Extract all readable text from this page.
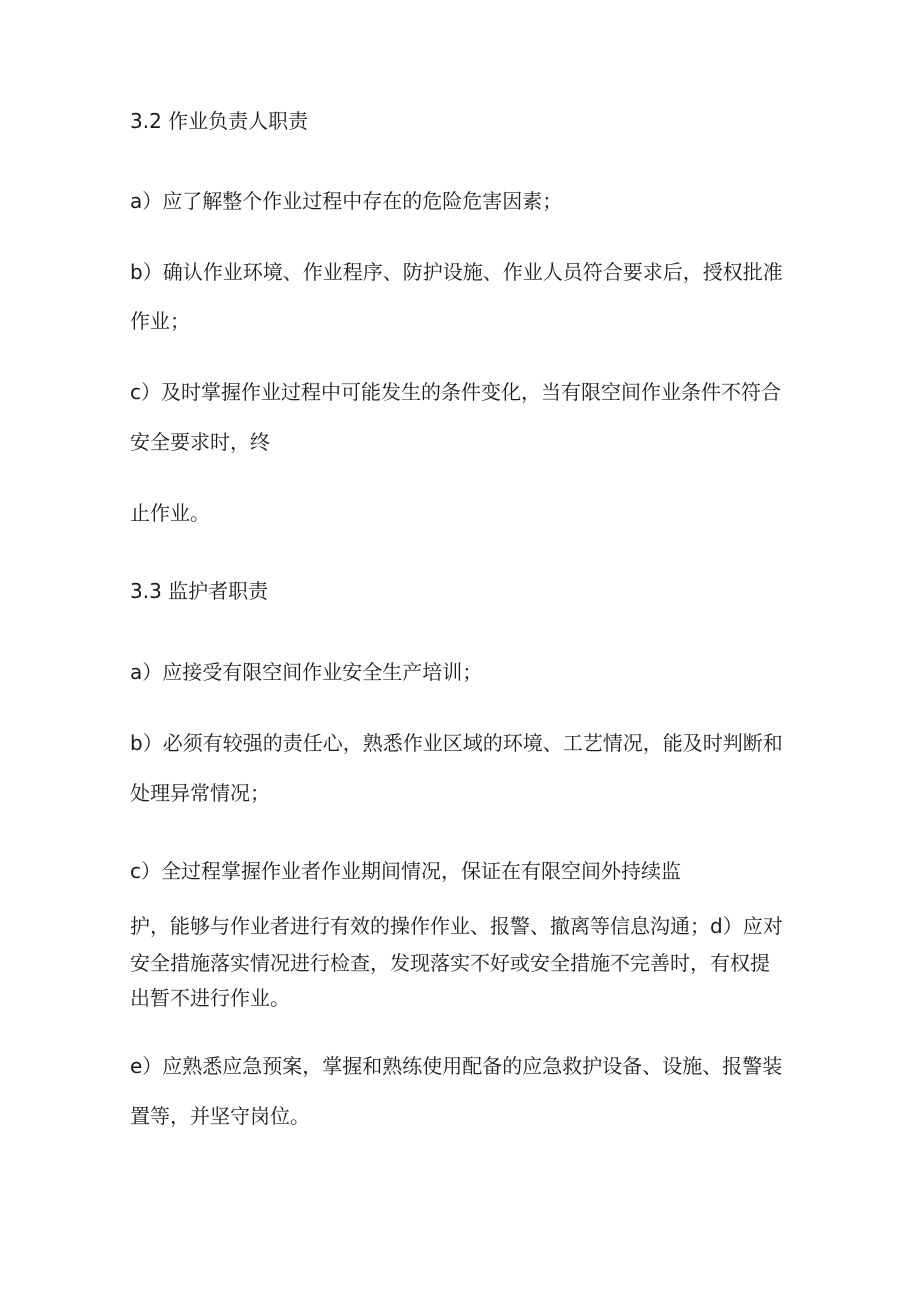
3.2 作业负责人职责
a）应了解整个作业过程中存在的危险危害因素；
b）确认作业环境、作业程序、防护设施、作业人员符合要求后，授权批准
作业；
c）及时掌握作业过程中可能发生的条件变化，当有限空间作业条件不符合
安全要求时，终
止作业。
3.3 监护者职责
a）应接受有限空间作业安全生产培训；
b）必须有较强的责任心，熟悉作业区域的环境、工艺情况，能及时判断和
处理异常情况；
c）全过程掌握作业者作业期间情况，保证在有限空间外持续监
护，能够与作业者进行有效的操作作业、报警、撤离等信息沟通；d）应对
安全措施落实情况进行检查，发现落实不好或安全措施不完善时，有权提
出暂不进行作业。
e）应熟悉应急预案，掌握和熟练使用配备的应急救护设备、设施、报警装
置等，并坚守岗位。
